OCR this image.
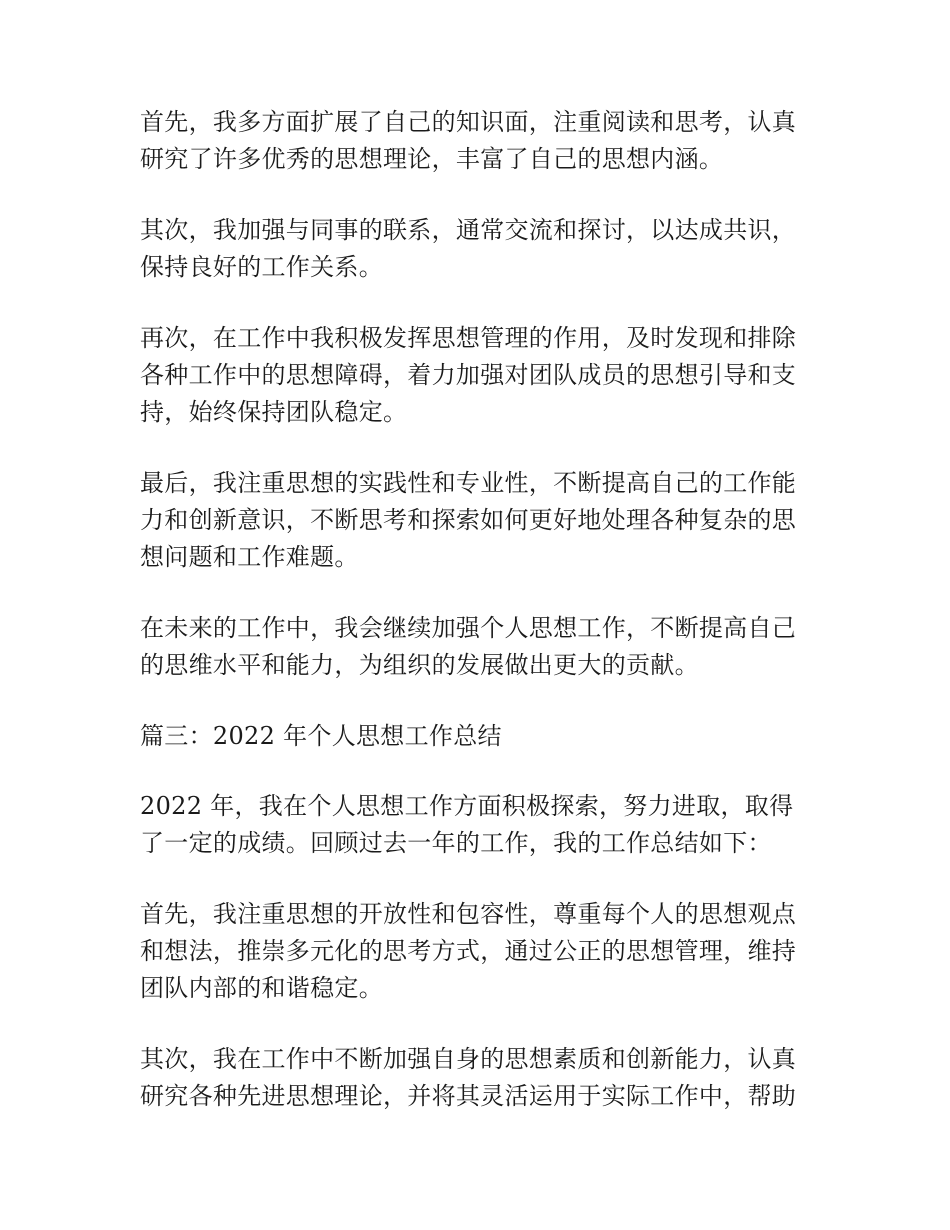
首先，我多方面扩展了自己的知识面，注重阅读和思考，认真
研究了许多优秀的思想理论，丰富了自己的思想内涵。

其次，我加强与同事的联系，通常交流和探讨，以达成共识，
保持良好的工作关系。

再次，在工作中我积极发挥思想管理的作用，及时发现和排除
各种工作中的思想障碍，着力加强对团队成员的思想引导和支
持，始终保持团队稳定。

最后，我注重思想的实践性和专业性，不断提高自己的工作能
力和创新意识，不断思考和探索如何更好地处理各种复杂的思
想问题和工作难题。

在未来的工作中，我会继续加强个人思想工作，不断提高自己
的思维水平和能力，为组织的发展做出更大的贡献。

篇三：2022 年个人思想工作总结

2022 年，我在个人思想工作方面积极探索，努力进取，取得
了一定的成绩。回顾过去一年的工作，我的工作总结如下：

首先，我注重思想的开放性和包容性，尊重每个人的思想观点
和想法，推崇多元化的思考方式，通过公正的思想管理，维持
团队内部的和谐稳定。

其次，我在工作中不断加强自身的思想素质和创新能力，认真
研究各种先进思想理论，并将其灵活运用于实际工作中，帮助
